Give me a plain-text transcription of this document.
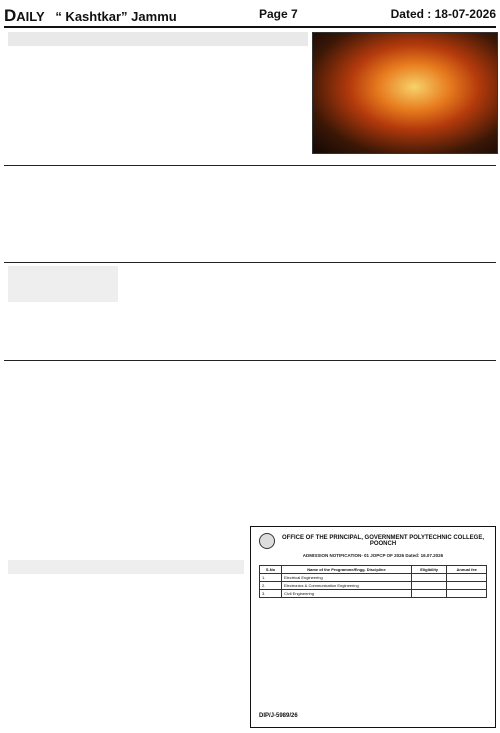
DAILY “ Kashtkar” Jammu	Page 7	Dated : 18-07-2026
OFFICE OF THE PRINCIPAL, GOVERNMENT POLYTECHNIC COLLEGE, POONCH
ADMISSION NOTIFICATION- 01 JOPCP OF 2026 Dated: 16.07.2026
S.No	Name of the Programme/Engg. Discipline	Eligibility	Annual fee
1.	Electrical Engineering		
2.	Electronics & Communication Engineering		
3.	Civil Engineering		
DIP/J-5989/26
